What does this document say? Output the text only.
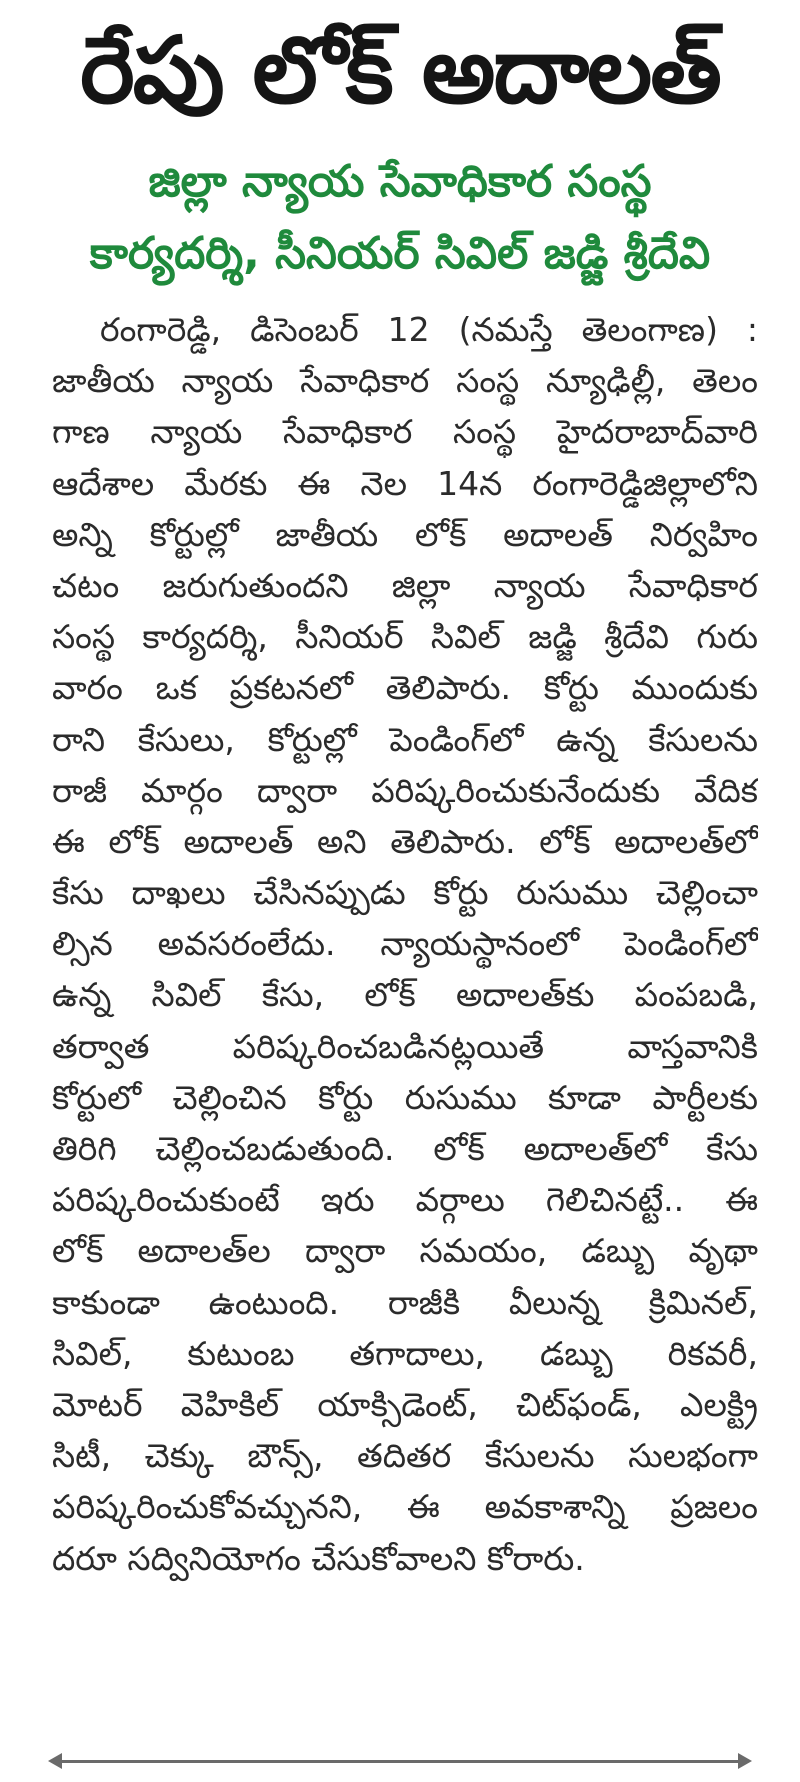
రేపు లోక్‌ అదాలత్‌

జిల్లా న్యాయ సేవాధికార సంస్థ

కార్యదర్శి, సీనియర్‌ సివిల్‌ జడ్జి శ్రీదేవి

రంగారెడ్డి, డిసెంబర్‌ 12 (నమస్తే తెలంగాణ) :
జాతీయ న్యాయ సేవాధికార సంస్థ న్యూఢిల్లీ, తెలం
గాణ న్యాయ సేవాధికార సంస్థ హైదరాబాద్‌వారి
ఆదేశాల మేరకు ఈ నెల 14న రంగారెడ్డిజిల్లాలోని
అన్ని కోర్టుల్లో జాతీయ లోక్‌ అదాలత్‌ నిర్వహిం
చటం జరుగుతుందని జిల్లా న్యాయ సేవాధికార
సంస్థ కార్యదర్శి, సీనియర్‌ సివిల్‌ జడ్జి శ్రీదేవి గురు
వారం ఒక ప్రకటనలో తెలిపారు. కోర్టు ముందుకు
రాని కేసులు, కోర్టుల్లో పెండింగ్‌లో ఉన్న కేసులను
రాజీ మార్గం ద్వారా పరిష్కరించుకునేందుకు వేదిక
ఈ లోక్‌ అదాలత్‌ అని తెలిపారు. లోక్‌ అదాలత్‌లో
కేసు దాఖలు చేసినప్పుడు కోర్టు రుసుము చెల్లించా
ల్సిన అవసరంలేదు. న్యాయస్థానంలో పెండింగ్‌లో
ఉన్న సివిల్‌ కేసు, లోక్‌ అదాలత్‌కు పంపబడి,
తర్వాత పరిష్కరించబడినట్లయితే వాస్తవానికి
కోర్టులో చెల్లించిన కోర్టు రుసుము కూడా పార్టీలకు
తిరిగి చెల్లించబడుతుంది. లోక్‌ అదాలత్‌లో కేసు
పరిష్కరించుకుంటే ఇరు వర్గాలు గెలిచినట్టే.. ఈ
లోక్‌ అదాలత్‌ల ద్వారా సమయం, డబ్బు వృథా
కాకుండా ఉంటుంది. రాజీకి వీలున్న క్రిమినల్‌,
సివిల్‌, కుటుంబ తగాదాలు, డబ్బు రికవరీ,
మోటర్‌ వెహికిల్‌ యాక్సిడెంట్‌, చిట్‌ఫండ్‌, ఎలక్ట్రి
సిటీ, చెక్కు బౌన్స్‌, తదితర కేసులను సులభంగా
పరిష్కరించుకోవచ్చునని, ఈ అవకాశాన్ని ప్రజలం
దరూ సద్వినియోగం చేసుకోవాలని కోరారు.
